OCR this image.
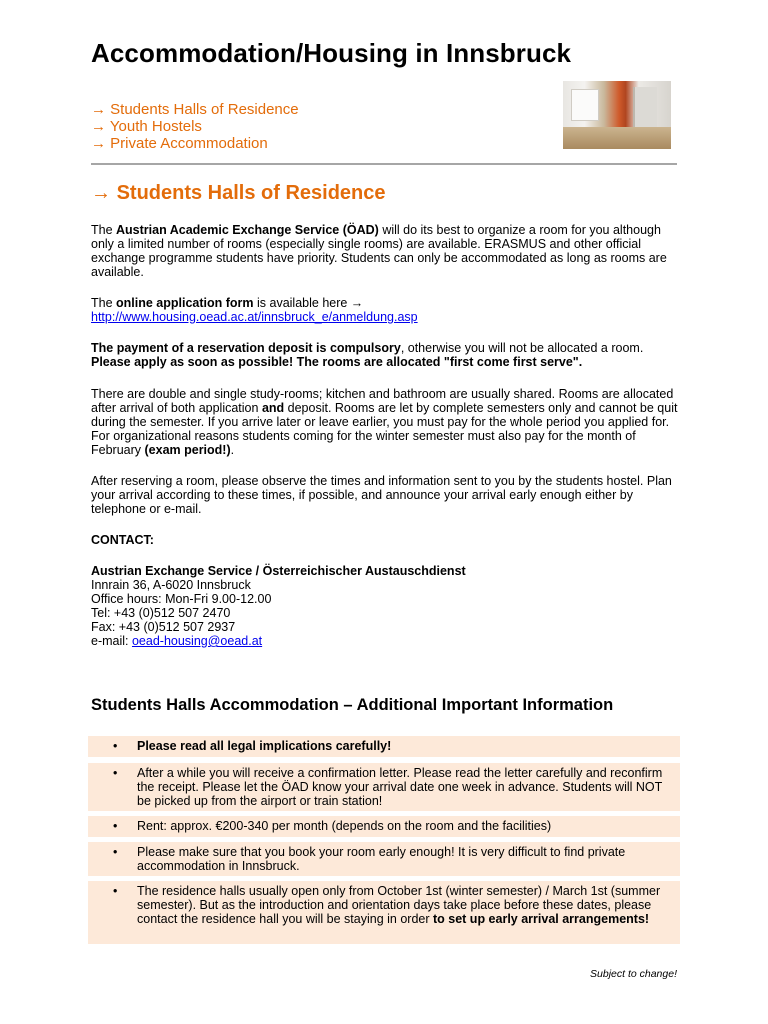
Accommodation/Housing in Innsbruck
→ Students Halls of Residence
→ Youth Hostels
→ Private Accommodation
→ Students Halls of Residence

The Austrian Academic Exchange Service (ÖAD) will do its best to organize a room for you although only a limited number of rooms (especially single rooms) are available. ERASMUS and other official exchange programme students have priority. Students can only be accommodated as long as rooms are available.

The online application form is available here →
http://www.housing.oead.ac.at/innsbruck_e/anmeldung.asp

The payment of a reservation deposit is compulsory, otherwise you will not be allocated a room.
Please apply as soon as possible! The rooms are allocated "first come first serve".

There are double and single study-rooms; kitchen and bathroom are usually shared. Rooms are allocated after arrival of both application and deposit. Rooms are let by complete semesters only and cannot be quit during the semester. If you arrive later or leave earlier, you must pay for the whole period you applied for. For organizational reasons students coming for the winter semester must also pay for the month of February (exam period!).

After reserving a room, please observe the times and information sent to you by the students hostel. Plan your arrival according to these times, if possible, and announce your arrival early enough either by telephone or e-mail.

CONTACT:

Austrian Exchange Service / Österreichischer Austauschdienst
Innrain 36, A-6020 Innsbruck
Office hours: Mon-Fri 9.00-12.00
Tel: +43 (0)512 507 2470
Fax: +43 (0)512 507 2937
e-mail: oead-housing@oead.at
Students Halls Accommodation – Additional Important Information
• Please read all legal implications carefully!
• After a while you will receive a confirmation letter. Please read the letter carefully and reconfirm the receipt. Please let the ÖAD know your arrival date one week in advance. Students will NOT be picked up from the airport or train station!
• Rent: approx. €200-340 per month (depends on the room and the facilities)
• Please make sure that you book your room early enough! It is very difficult to find private accommodation in Innsbruck.
• The residence halls usually open only from October 1st (winter semester) / March 1st (summer semester). But as the introduction and orientation days take place before these dates, please contact the residence hall you will be staying in order to set up early arrival arrangements!
Subject to change!
